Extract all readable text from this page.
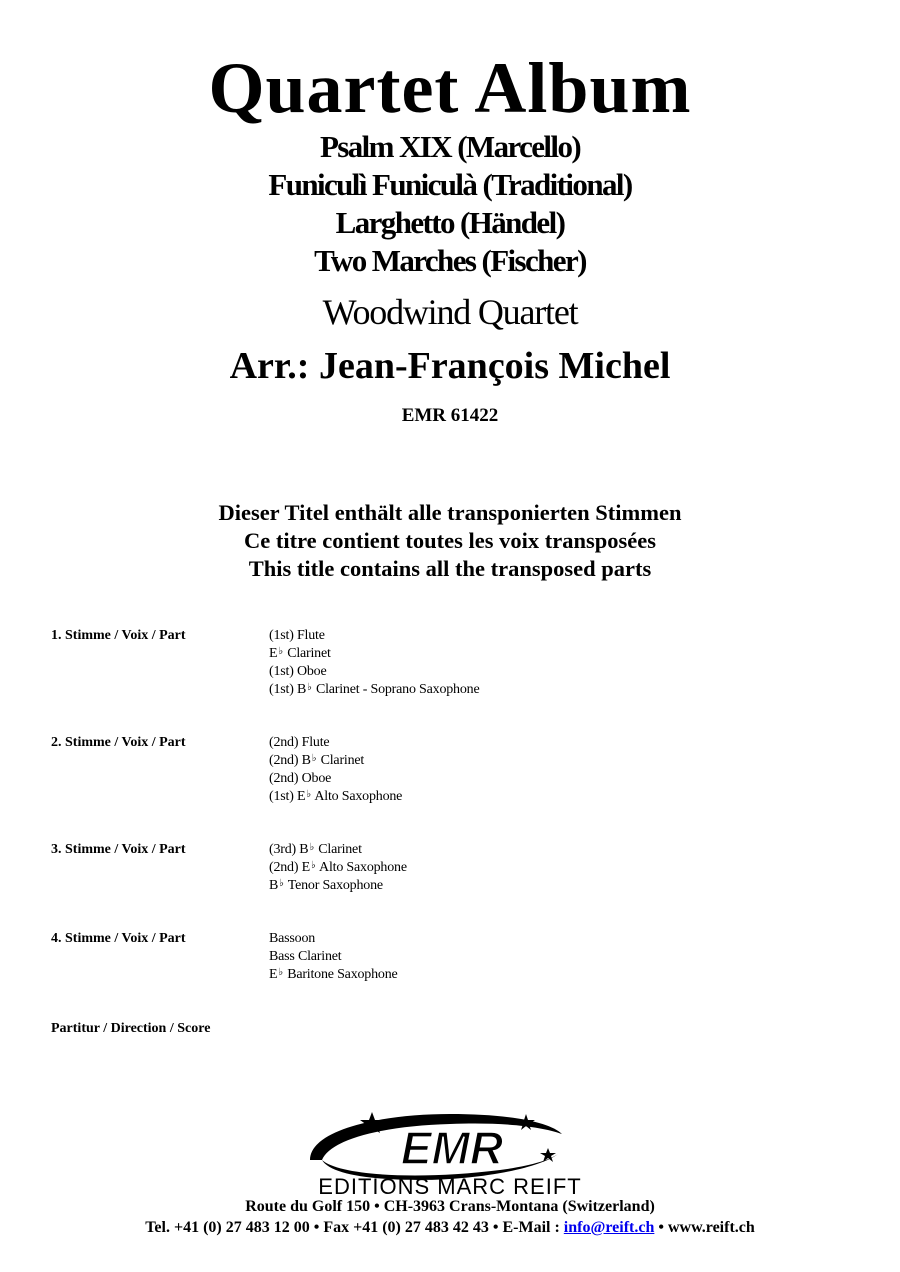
Quartet Album
Psalm XIX (Marcello)
Funiculì Funiculà (Traditional)
Larghetto (Händel)
Two Marches (Fischer)
Woodwind Quartet
Arr.: Jean-François Michel
EMR 61422
Dieser Titel enthält alle transponierten Stimmen
Ce titre contient toutes les voix transposées
This title contains all the transposed parts
1. Stimme / Voix / Part	(1st) Flute
E♭ Clarinet
(1st) Oboe
(1st) B♭ Clarinet - Soprano Saxophone
2. Stimme / Voix / Part	(2nd) Flute
(2nd) B♭ Clarinet
(2nd) Oboe
(1st) E♭ Alto Saxophone
3. Stimme / Voix / Part	(3rd) B♭ Clarinet
(2nd) E♭ Alto Saxophone
B♭ Tenor Saxophone
4. Stimme / Voix / Part	Bassoon
Bass Clarinet
E♭ Baritone Saxophone
Partitur / Direction / Score
EMR
EDITIONS MARC REIFT
Route du Golf 150 • CH-3963 Crans-Montana (Switzerland)
Tel. +41 (0) 27 483 12 00 • Fax +41 (0) 27 483 42 43 • E-Mail : info@reift.ch • www.reift.ch
